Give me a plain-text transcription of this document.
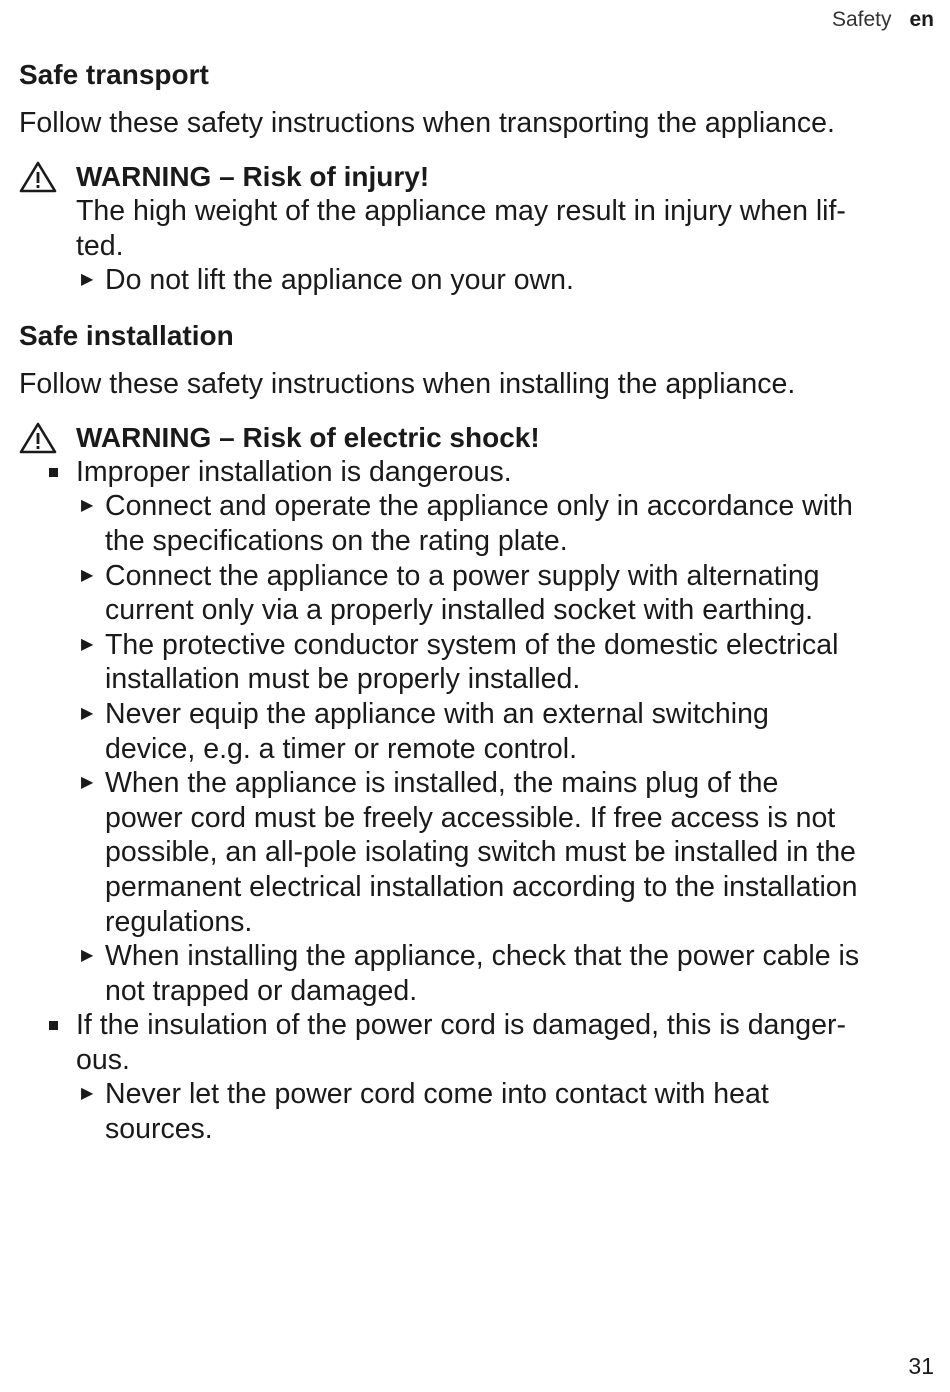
Safety en
Safe transport
Follow these safety instructions when transporting the appliance.
WARNING – Risk of injury!
The high weight of the appliance may result in injury when lif-
ted.
▶ Do not lift the appliance on your own.
Safe installation
Follow these safety instructions when installing the appliance.
WARNING – Risk of electric shock!
Improper installation is dangerous.
▶ Connect and operate the appliance only in accordance with
the specifications on the rating plate.
▶ Connect the appliance to a power supply with alternating
current only via a properly installed socket with earthing.
▶ The protective conductor system of the domestic electrical
installation must be properly installed.
▶ Never equip the appliance with an external switching
device, e.g. a timer or remote control.
▶ When the appliance is installed, the mains plug of the
power cord must be freely accessible. If free access is not
possible, an all-pole isolating switch must be installed in the
permanent electrical installation according to the installation
regulations.
▶ When installing the appliance, check that the power cable is
not trapped or damaged.
If the insulation of the power cord is damaged, this is danger-
ous.
▶ Never let the power cord come into contact with heat
sources.
31
